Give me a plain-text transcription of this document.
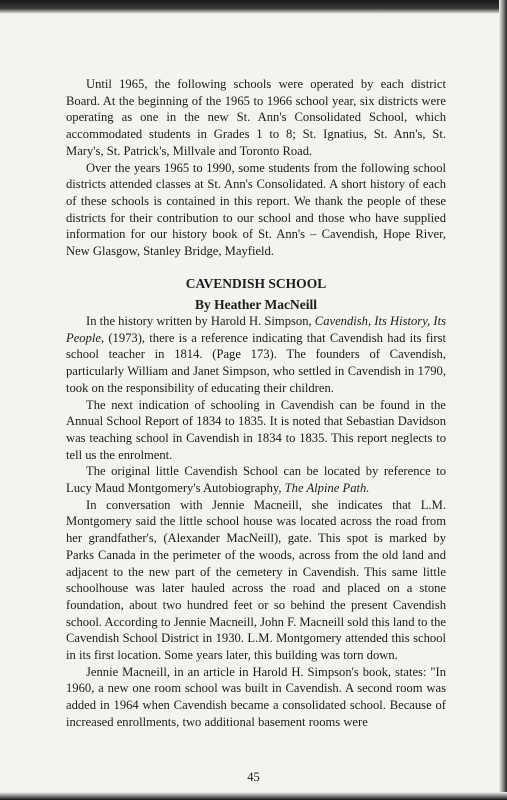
Until 1965, the following schools were operated by each district Board. At the beginning of the 1965 to 1966 school year, six districts were operating as one in the new St. Ann's Consolidated School, which accommodated students in Grades 1 to 8; St. Ignatius, St. Ann's, St. Mary's, St. Patrick's, Millvale and Toronto Road.

Over the years 1965 to 1990, some students from the following school districts attended classes at St. Ann's Consolidated. A short history of each of these schools is contained in this report. We thank the people of these districts for their contribution to our school and those who have supplied information for our history book of St. Ann's – Cavendish, Hope River, New Glasgow, Stanley Bridge, Mayfield.

CAVENDISH SCHOOL
By Heather MacNeill

In the history written by Harold H. Simpson, Cavendish, Its History, Its People, (1973), there is a reference indicating that Cavendish had its first school teacher in 1814. (Page 173). The founders of Cavendish, particularly William and Janet Simpson, who settled in Cavendish in 1790, took on the responsibility of educating their children.

The next indication of schooling in Cavendish can be found in the Annual School Report of 1834 to 1835. It is noted that Sebastian Davidson was teaching school in Cavendish in 1834 to 1835. This report neglects to tell us the enrolment.

The original little Cavendish School can be located by reference to Lucy Maud Montgomery's Autobiography, The Alpine Path.

In conversation with Jennie Macneill, she indicates that L.M. Montgomery said the little school house was located across the road from her grandfather's, (Alexander MacNeill), gate. This spot is marked by Parks Canada in the perimeter of the woods, across from the old land and adjacent to the new part of the cemetery in Cavendish. This same little schoolhouse was later hauled across the road and placed on a stone foundation, about two hundred feet or so behind the present Cavendish school. According to Jennie Macneill, John F. Macneill sold this land to the Cavendish School District in 1930. L.M. Montgomery attended this school in its first location. Some years later, this building was torn down.

Jennie Macneill, in an article in Harold H. Simpson's book, states: "In 1960, a new one room school was built in Cavendish. A second room was added in 1964 when Cavendish became a consolidated school. Because of increased enrollments, two additional basement rooms were

45
